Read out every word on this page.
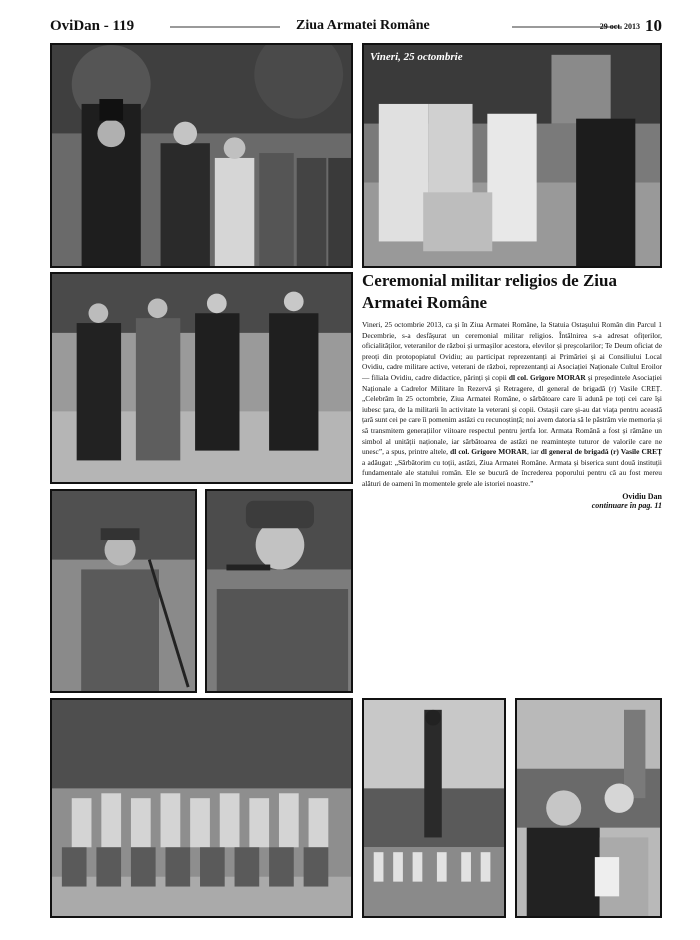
OviDan - 119	Ziua Armatei Române	29 oct. 2013 10
Vineri, 25 octombrie
Ceremonial militar religios de Ziua Armatei Române

Vineri, 25 octombrie 2013, ca și în Ziua Armatei Române, la Statuia Ostașului Român din Parcul 1 Decembrie, s-a desfășurat un ceremonial militar religios. Întâlnirea s-a adresat ofițerilor, oficialităților, veteranilor de război și urmașilor acestora, elevilor și preșcolarilor; Te Deum oficiat de preoți din protopopiatul Ovidiu; au participat reprezentanți ai Primăriei și ai Consiliului Local Ovidiu, cadre militare active, veterani de război, reprezentanți ai Asociației Naționale Cultul Eroilor — filiala Ovidiu, cadre didactice, părinți și copii dl col. Grigore MORAR și președintele Asociației Naționale a Cadrelor Militare în Rezervă și Retragere, dl general de brigadă (r) Vasile CREȚ. „Celebrăm în 25 octombrie, Ziua Armatei Române, o sărbătoare care îi adună pe toți cei care își iubesc țara, de la militarii în activitate la veterani și copii. Ostașii care și-au dat viața pentru această țară sunt cei pe care îi pomenim astăzi cu recunoștință; noi avem datoria să le păstrăm vie memoria și să transmitem generațiilor viitoare respectul pentru jertfa lor. Armata Română a fost și rămâne un simbol al unității naționale, iar sărbătoarea de astăzi ne reamintește tuturor de valorile care ne unesc”, a spus, printre altele, dl col. Grigore MORAR, iar dl general de brigadă (r) Vasile CREȚ a adăugat: „Sărbătorim cu toții, astăzi, Ziua Armatei Române. Armata și biserica sunt două instituții fundamentale ale statului român. Ele se bucură de încrederea poporului pentru că au fost mereu alături de oameni în momentele grele ale istoriei noastre.”

Ovidiu Dan
continuare în pag. 11
